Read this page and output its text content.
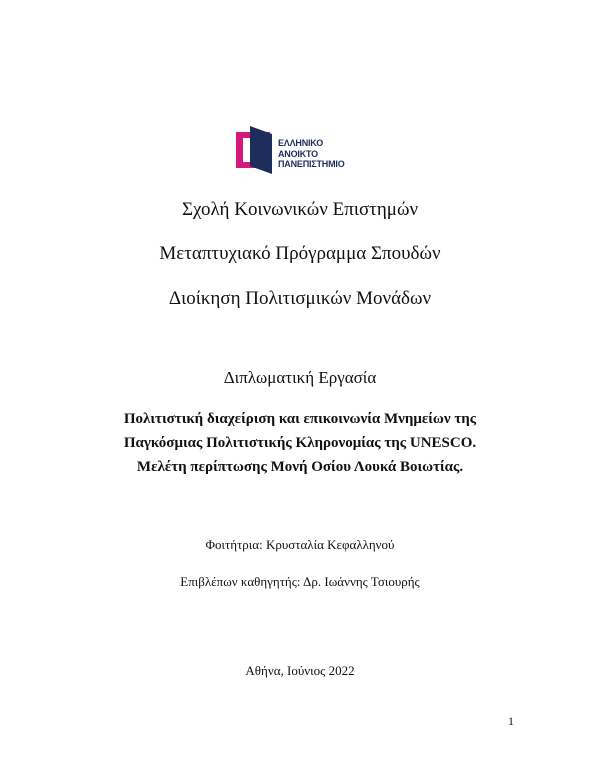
ΕΛΛΗΝΙΚΟ
ΑΝΟΙΚΤΟ
ΠΑΝΕΠΙΣΤΗΜΙΟ
Σχολή Κοινωνικών Επιστημών
Μεταπτυχιακό Πρόγραμμα Σπουδών
Διοίκηση Πολιτισμικών Μονάδων
Διπλωματική Εργασία
Πολιτιστική διαχείριση και επικοινωνία Μνημείων της
Παγκόσμιας Πολιτιστικής Κληρονομίας της UNESCO.
Μελέτη περίπτωσης Μονή Οσίου Λουκά Βοιωτίας.
Φοιτήτρια: Κρυσταλία Κεφαλληνού
Επιβλέπων καθηγητής: Δρ. Ιωάννης Τσιουρής
Αθήνα, Ιούνιος 2022
1
